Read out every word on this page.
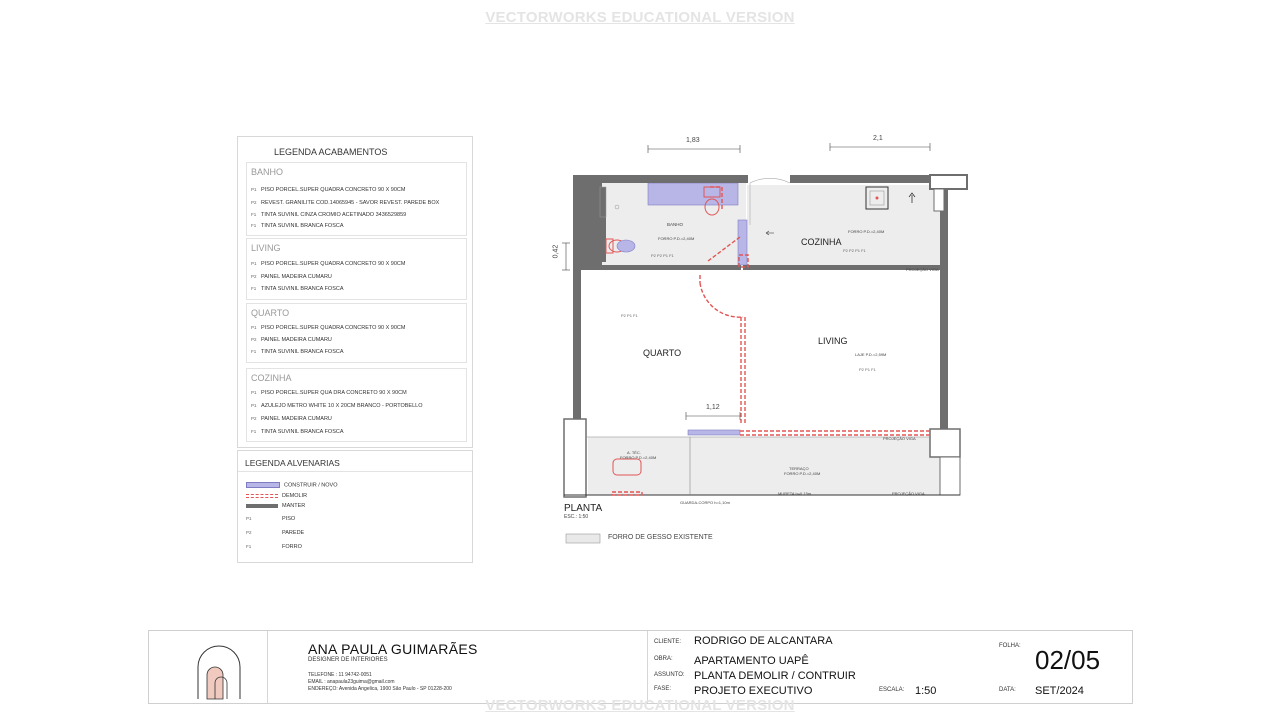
VECTORWORKS EDUCATIONAL VERSION
LEGENDA ACABAMENTOS
BANHO
P1 PISO PORCEL.SUPER QUADRA CONCRETO 90 X 90CM
P2 REVEST. GRANILITE COD.14065945 - SAVOR REVEST. PAREDE BOX
F1 TINTA SUVINIL CINZA CROMIO ACETINADO 3436529859
F1 TINTA SUVINIL BRANCA FOSCA
LIVING
P1 PISO PORCEL.SUPER QUADRA CONCRETO 90 X 90CM
P2 PAINEL MADEIRA CUMARU
F1 TINTA SUVINIL BRANCA FOSCA
QUARTO
P1 PISO PORCEL.SUPER QUADRA CONCRETO 90 X 90CM
P2 PAINEL MADEIRA CUMARU
F1 TINTA SUVINIL BRANCA FOSCA
COZINHA
P1 PISO PORCEL.SUPER QUA DRA CONCRETO 90 X 90CM
P1 AZULEJO METRO WHITE 10 X 20CM BRANCO - PORTOBELLO
P2 PAINEL MADEIRA CUMARU
F1 TINTA SUVINIL BRANCA FOSCA
LEGENDA ALVENARIAS
CONSTRUIR / NOVO
DEMOLIR
MANTER
P1	PISO
P2	PAREDE
F1	FORRO
1,83	2,1
0,42
1,12
COZINHA
LIVING
QUARTO
BANHO
FORRO P.D.=2,40M
FORRO P.D.=2,40M
LAJE P.D.=2,59M
PROJEÇÃO VIGA
PROJEÇÃO VIGA
PROJEÇÃO VIGA
A. TÉC.
FORRO P.D.=2,40M
TERRAÇO
FORRO P.D.=2,40M
MURETA h=0,15m
GUARDA-CORPO h=1,10m
P2 P2 P1 F1
P2 P2 P1 F1
P2 P1 F1
P2 P1 F1
PLANTA
ESC.: 1:50
FORRO DE GESSO EXISTENTE
ANA PAULA GUIMARÃES
DESIGNER DE INTERIORES
TELEFONE : 11 94742-0051
EMAIL : anapaula23guima@gmail.com
ENDEREÇO: Avenida Angelica, 1900 São Paulo - SP 01228-200
CLIENTE: RODRIGO DE ALCANTARA
OBRA: APARTAMENTO UAPÊ
ASSUNTO: PLANTA DEMOLIR / CONTRUIR
FASE: PROJETO EXECUTIVO	ESCALA: 1:50
FOLHA: 02/05
DATA: SET/2024
VECTORWORKS EDUCATIONAL VERSION
